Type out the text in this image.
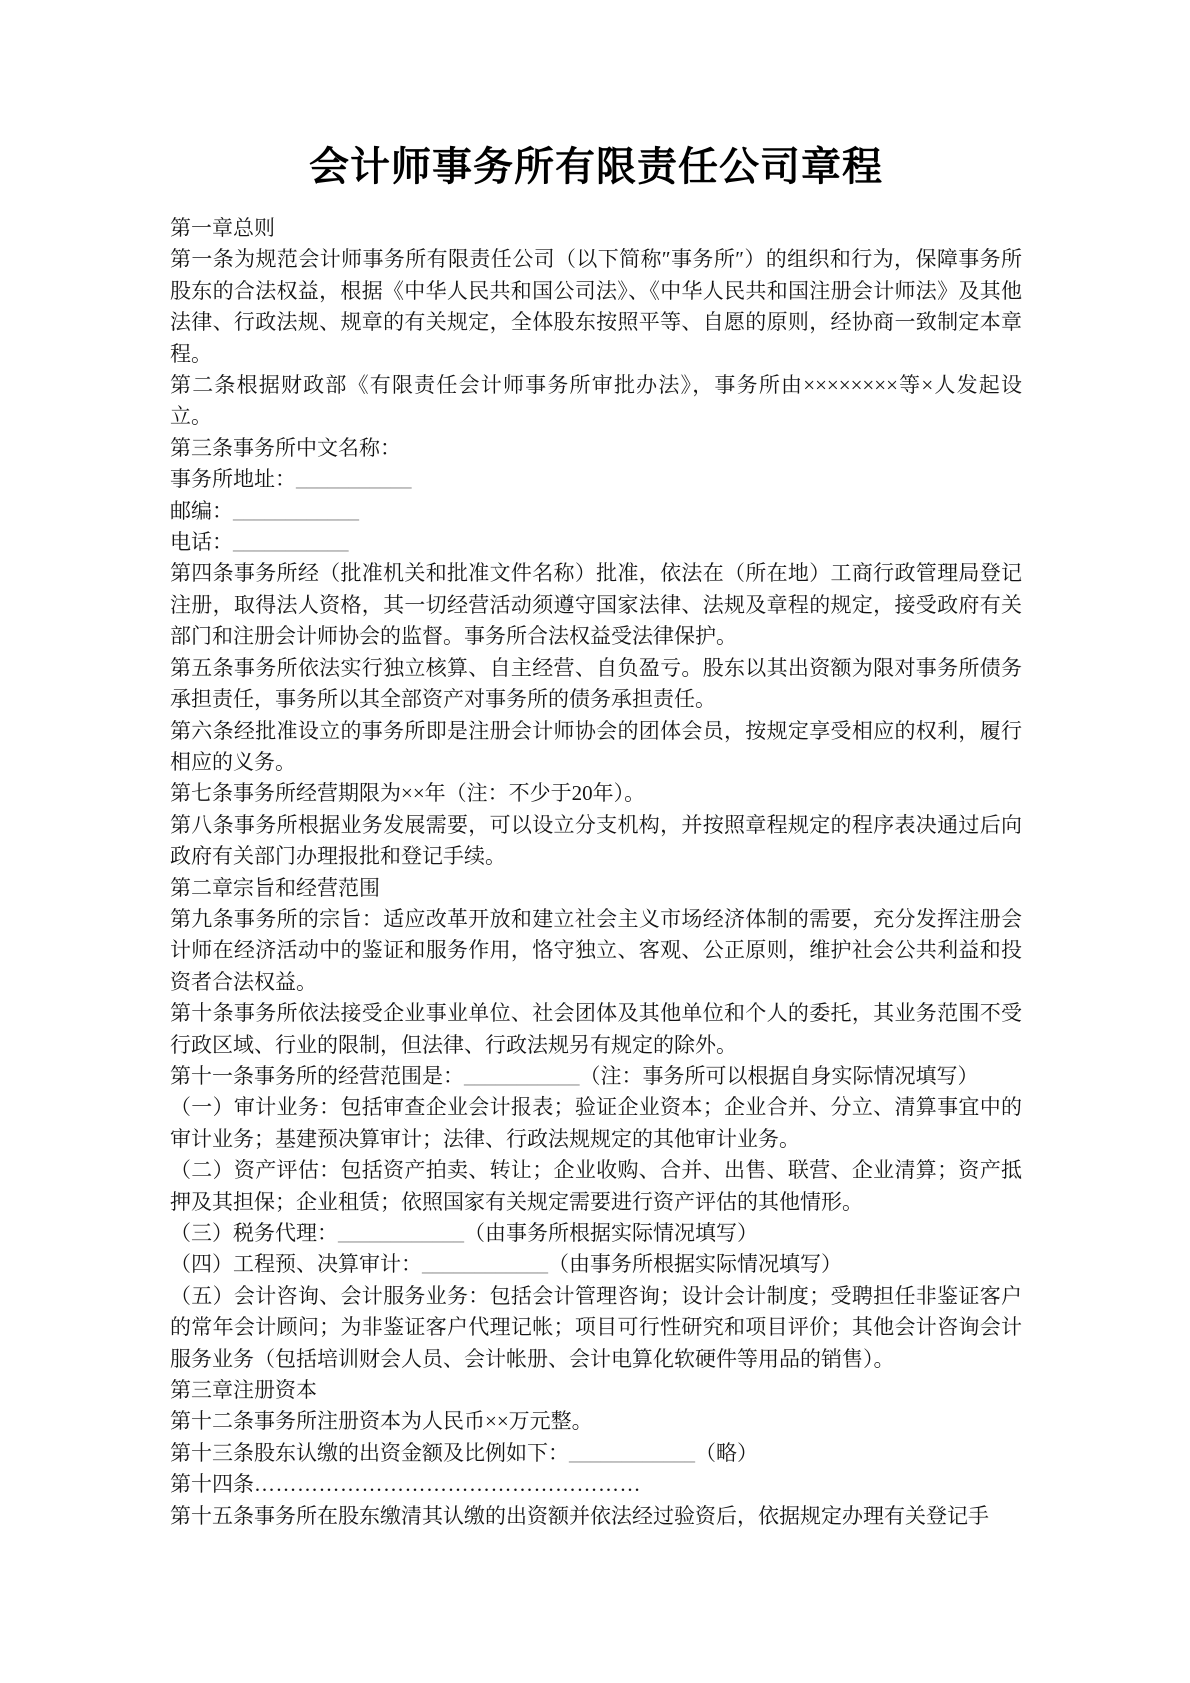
会计师事务所有限责任公司章程

第一章总则

第一条为规范会计师事务所有限责任公司（以下简称″事务所″）的组织和行为，保障事务所股东的合法权益，根据《中华人民共和国公司法》、《中华人民共和国注册会计师法》及其他法律、行政法规、规章的有关规定，全体股东按照平等、自愿的原则，经协商一致制定本章程。

第二条根据财政部《有限责任会计师事务所审批办法》，事务所由××××××××等×人发起设立。

第三条事务所中文名称：

事务所地址：___________

邮编：____________

电话：___________

第四条事务所经（批准机关和批准文件名称）批准，依法在（所在地）工商行政管理局登记注册，取得法人资格，其一切经营活动须遵守国家法律、法规及章程的规定，接受政府有关部门和注册会计师协会的监督。事务所合法权益受法律保护。

第五条事务所依法实行独立核算、自主经营、自负盈亏。股东以其出资额为限对事务所债务承担责任，事务所以其全部资产对事务所的债务承担责任。

第六条经批准设立的事务所即是注册会计师协会的团体会员，按规定享受相应的权利，履行相应的义务。

第七条事务所经营期限为××年（注：不少于20年）。

第八条事务所根据业务发展需要，可以设立分支机构，并按照章程规定的程序表决通过后向政府有关部门办理报批和登记手续。

第二章宗旨和经营范围

第九条事务所的宗旨：适应改革开放和建立社会主义市场经济体制的需要，充分发挥注册会计师在经济活动中的鉴证和服务作用，恪守独立、客观、公正原则，维护社会公共利益和投资者合法权益。

第十条事务所依法接受企业事业单位、社会团体及其他单位和个人的委托，其业务范围不受行政区域、行业的限制，但法律、行政法规另有规定的除外。

第十一条事务所的经营范围是：___________（注：事务所可以根据自身实际情况填写）

（一）审计业务：包括审查企业会计报表；验证企业资本；企业合并、分立、清算事宜中的审计业务；基建预决算审计；法律、行政法规规定的其他审计业务。

（二）资产评估：包括资产拍卖、转让；企业收购、合并、出售、联营、企业清算；资产抵押及其担保；企业租赁；依照国家有关规定需要进行资产评估的其他情形。

（三）税务代理：____________（由事务所根据实际情况填写）

（四）工程预、决算审计：____________（由事务所根据实际情况填写）

（五）会计咨询、会计服务业务：包括会计管理咨询；设计会计制度；受聘担任非鉴证客户的常年会计顾问；为非鉴证客户代理记帐；项目可行性研究和项目评价；其他会计咨询会计服务业务（包括培训财会人员、会计帐册、会计电算化软硬件等用品的销售）。

第三章注册资本

第十二条事务所注册资本为人民币××万元整。

第十三条股东认缴的出资金额及比例如下：____________（略）

第十四条………………………………………………

第十五条事务所在股东缴清其认缴的出资额并依法经过验资后，依据规定办理有关登记手
